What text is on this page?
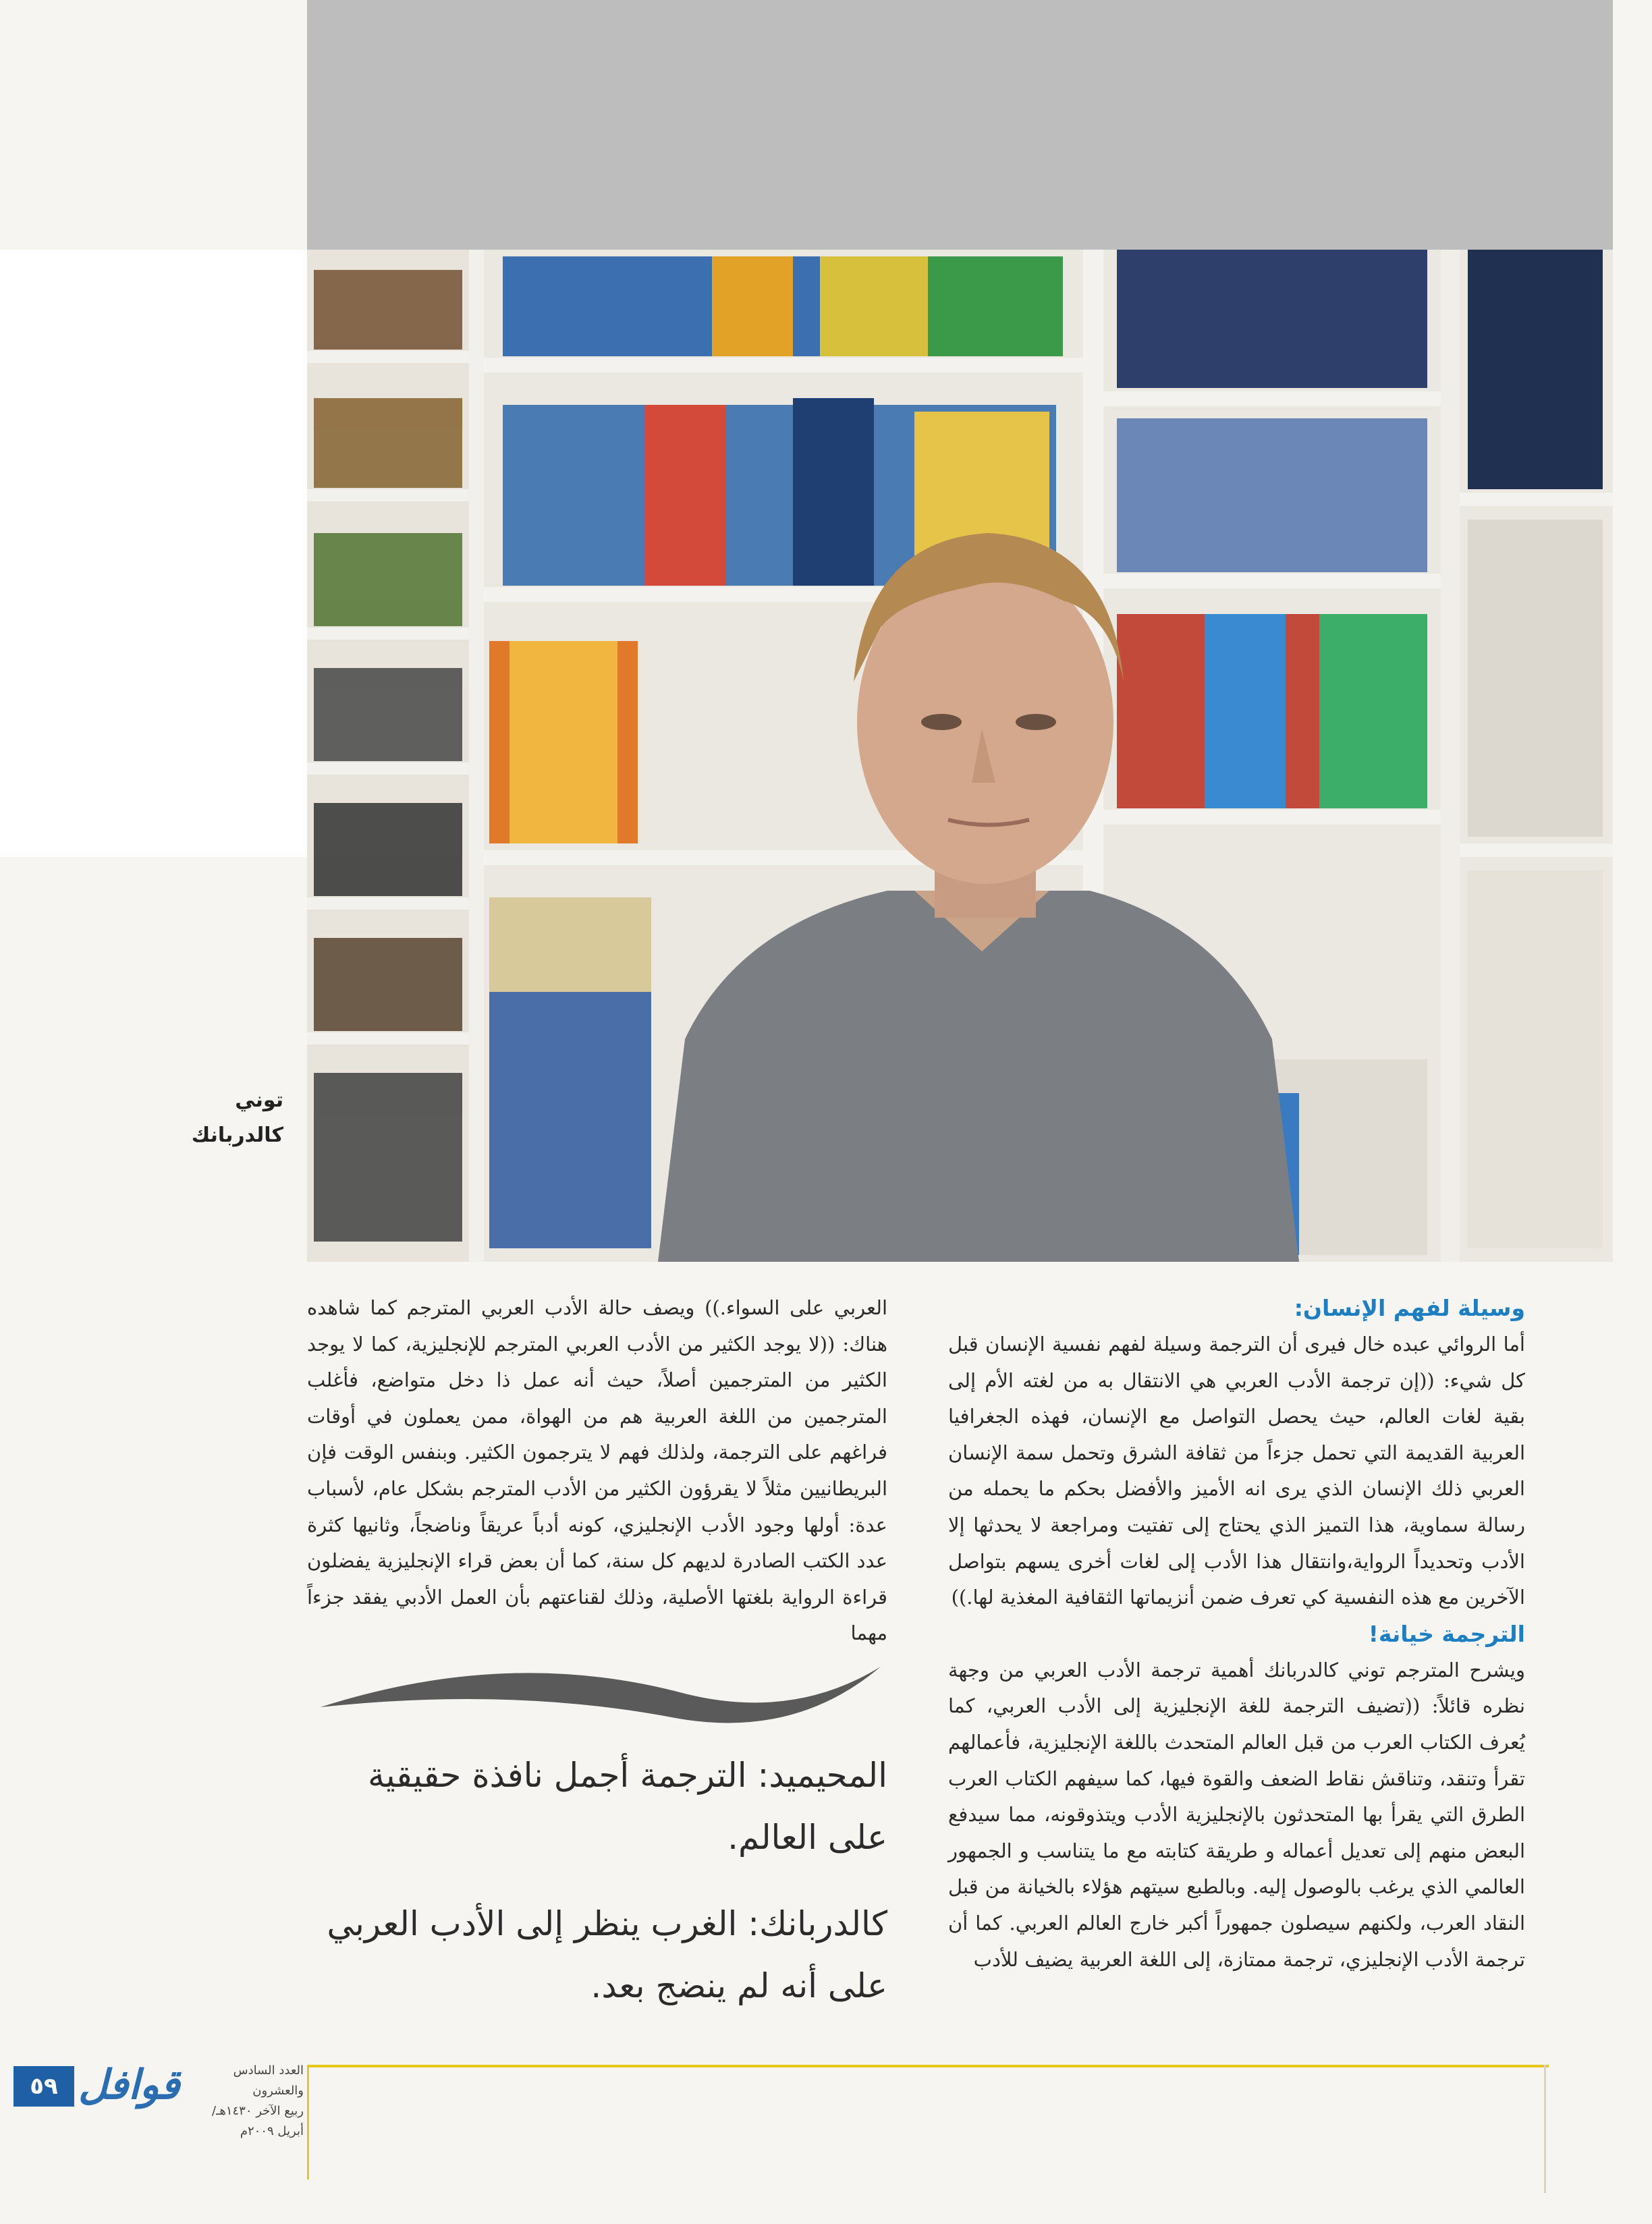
توني
كالدربانك
وسيلة لفهم الإنسان:

أما الروائي عبده خال فيرى أن الترجمة وسيلة لفهم نفسية الإنسان قبل كل شيء: ((إن ترجمة الأدب العربي هي الانتقال به من لغته الأم إلى بقية لغات العالم، حيث يحصل التواصل مع الإنسان، فهذه الجغرافيا العربية القديمة التي تحمل جزءاً من ثقافة الشرق وتحمل سمة الإنسان العربي ذلك الإنسان الذي يرى انه الأميز والأفضل بحكم ما يحمله من رسالة سماوية، هذا التميز الذي يحتاج إلى تفتيت ومراجعة لا يحدثها إلا الأدب وتحديداً الرواية،وانتقال هذا الأدب إلى لغات أخرى يسهم بتواصل الآخرين مع هذه النفسية كي تعرف ضمن أنزيماتها الثقافية المغذية لها.))

الترجمة خيانة!

ويشرح المترجم توني كالدربانك أهمية ترجمة الأدب العربي من وجهة نظره قائلاً: ((تضيف الترجمة للغة الإنجليزية إلى الأدب العربي، كما يُعرف الكتاب العرب من قبل العالم المتحدث باللغة الإنجليزية، فأعمالهم تقرأ وتنقد، وتناقش نقاط الضعف والقوة فيها، كما سيفهم الكتاب العرب الطرق التي يقرأ بها المتحدثون بالإنجليزية الأدب ويتذوقونه، مما سيدفع البعض منهم إلى تعديل أعماله و طريقة كتابته مع ما يتناسب و الجمهور العالمي الذي يرغب بالوصول إليه. وبالطبع سيتهم هؤلاء بالخيانة من قبل النقاد العرب، ولكنهم سيصلون جمهوراً أكبر خارج العالم العربي. كما أن ترجمة الأدب الإنجليزي، ترجمة ممتازة، إلى اللغة العربية يضيف للأدب

العربي على السواء.)) ويصف حالة الأدب العربي المترجم كما شاهده هناك: ((لا يوجد الكثير من الأدب العربي المترجم للإنجليزية، كما لا يوجد الكثير من المترجمين أصلاً، حيث أنه عمل ذا دخل متواضع، فأغلب المترجمين من اللغة العربية هم من الهواة، ممن يعملون في أوقات فراغهم على الترجمة، ولذلك فهم لا يترجمون الكثير. وبنفس الوقت فإن البريطانيين مثلاً لا يقرؤون الكثير من الأدب المترجم بشكل عام، لأسباب عدة: أولها وجود الأدب الإنجليزي، كونه أدباً عريقاً وناضجاً، وثانيها كثرة عدد الكتب الصادرة لديهم كل سنة، كما أن بعض قراء الإنجليزية يفضلون قراءة الرواية بلغتها الأصلية، وذلك لقناعتهم بأن العمل الأدبي يفقد جزءاً مهما

المحيميد: الترجمة أجمل نافذة حقيقية على العالم.
كالدربانك: الغرب ينظر إلى الأدب العربي على أنه لم ينضج بعد.
٥٩ قوافل	العدد السادس والعشرون
ربيع الآخر ١٤٣٠هـ/ أبريل ٢٠٠٩م
